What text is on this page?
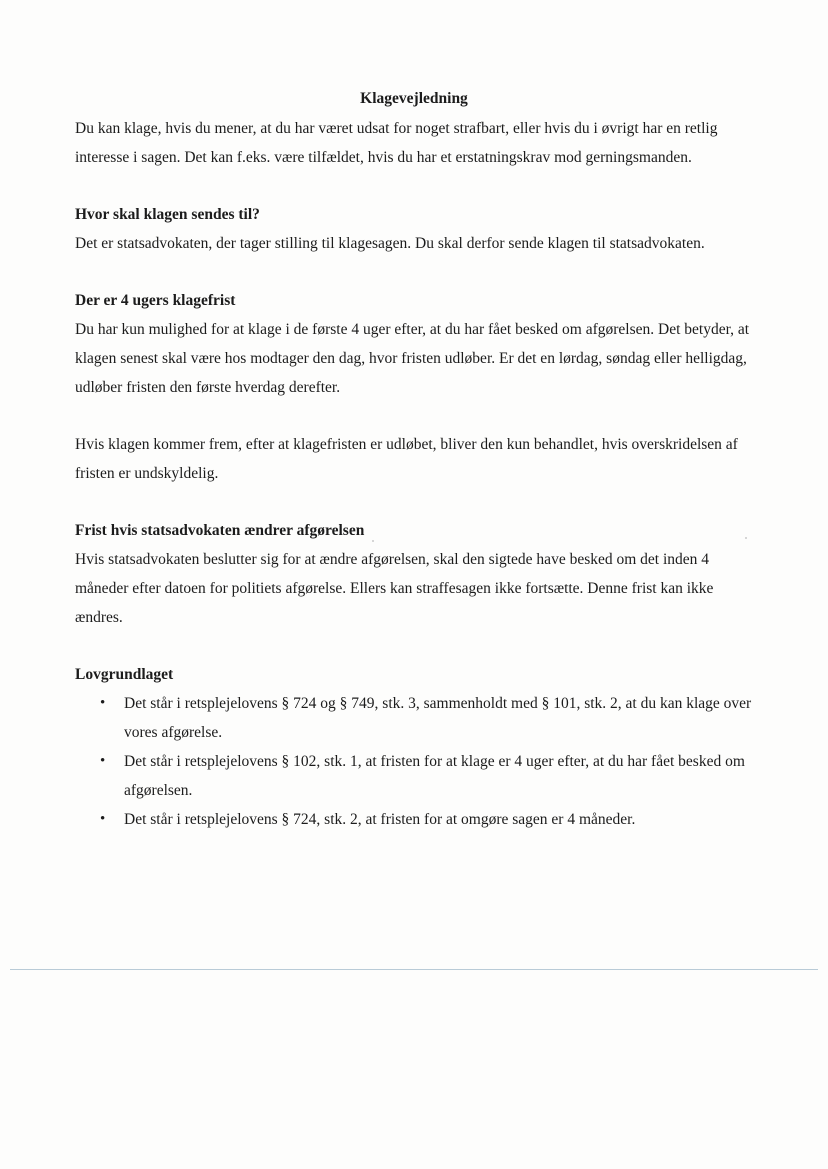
Klagevejledning

Du kan klage, hvis du mener, at du har været udsat for noget strafbart, eller hvis du i øvrigt har en retlig interesse i sagen. Det kan f.eks. være tilfældet, hvis du har et erstatningskrav mod gerningsmanden.

Hvor skal klagen sendes til?

Det er statsadvokaten, der tager stilling til klagesagen. Du skal derfor sende klagen til statsadvokaten.

Der er 4 ugers klagefrist

Du har kun mulighed for at klage i de første 4 uger efter, at du har fået besked om afgørelsen. Det betyder, at klagen senest skal være hos modtager den dag, hvor fristen udløber. Er det en lørdag, søndag eller helligdag, udløber fristen den første hverdag derefter.

Hvis klagen kommer frem, efter at klagefristen er udløbet, bliver den kun behandlet, hvis overskridelsen af fristen er undskyldelig.

Frist hvis statsadvokaten ændrer afgørelsen

Hvis statsadvokaten beslutter sig for at ændre afgørelsen, skal den sigtede have besked om det inden 4 måneder efter datoen for politiets afgørelse. Ellers kan straffesagen ikke fortsætte. Denne frist kan ikke ændres.

Lovgrundlaget
• Det står i retsplejelovens § 724 og § 749, stk. 3, sammenholdt med § 101, stk. 2, at du kan klage over vores afgørelse.
• Det står i retsplejelovens § 102, stk. 1, at fristen for at klage er 4 uger efter, at du har fået besked om afgørelsen.
• Det står i retsplejelovens § 724, stk. 2, at fristen for at omgøre sagen er 4 måneder.
